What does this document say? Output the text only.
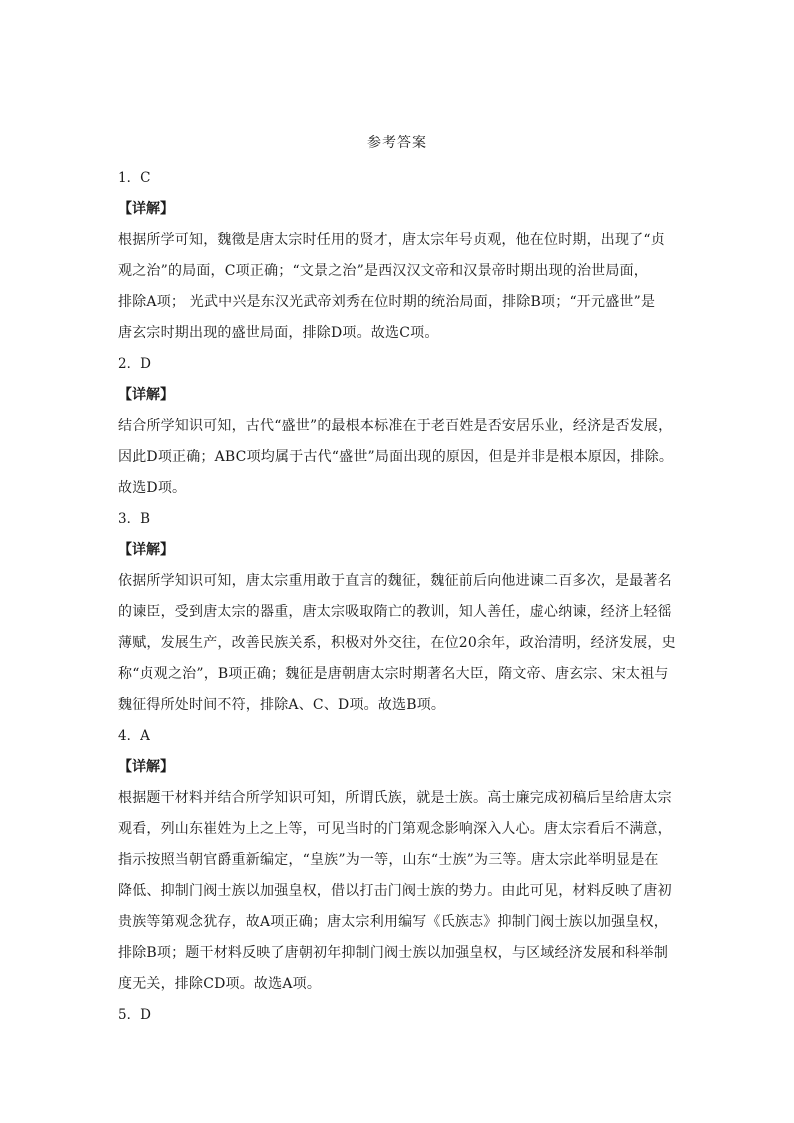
参考答案
1．C
【详解】
根据所学可知，魏徵是唐太宗时任用的贤才，唐太宗年号贞观，他在位时期，出现了“贞
观之治”的局面，C项正确；“文景之治”是西汉汉文帝和汉景帝时期出现的治世局面，
排除A项； 光武中兴是东汉光武帝刘秀在位时期的统治局面，排除B项；“开元盛世”是
唐玄宗时期出现的盛世局面，排除D项。故选C项。
2．D
【详解】
结合所学知识可知，古代“盛世”的最根本标准在于老百姓是否安居乐业，经济是否发展，
因此D项正确；ABC项均属于古代“盛世”局面出现的原因，但是并非是根本原因，排除。
故选D项。
3．B
【详解】
依据所学知识可知，唐太宗重用敢于直言的魏征，魏征前后向他进谏二百多次，是最著名
的谏臣，受到唐太宗的器重，唐太宗吸取隋亡的教训，知人善任，虚心纳谏，经济上轻徭
薄赋，发展生产，改善民族关系，积极对外交往，在位20余年，政治清明，经济发展，史
称“贞观之治”，B项正确；魏征是唐朝唐太宗时期著名大臣，隋文帝、唐玄宗、宋太祖与
魏征得所处时间不符，排除A、C、D项。故选B项。
4．A
【详解】
根据题干材料并结合所学知识可知，所谓氏族，就是士族。高士廉完成初稿后呈给唐太宗
观看，列山东崔姓为上之上等，可见当时的门第观念影响深入人心。唐太宗看后不满意，
指示按照当朝官爵重新编定，“皇族”为一等，山东“士族”为三等。唐太宗此举明显是在
降低、抑制门阀士族以加强皇权，借以打击门阀士族的势力。由此可见，材料反映了唐初
贵族等第观念犹存，故A项正确；唐太宗利用编写《氏族志》抑制门阀士族以加强皇权，
排除B项；题干材料反映了唐朝初年抑制门阀士族以加强皇权，与区域经济发展和科举制
度无关，排除CD项。故选A项。
5．D
